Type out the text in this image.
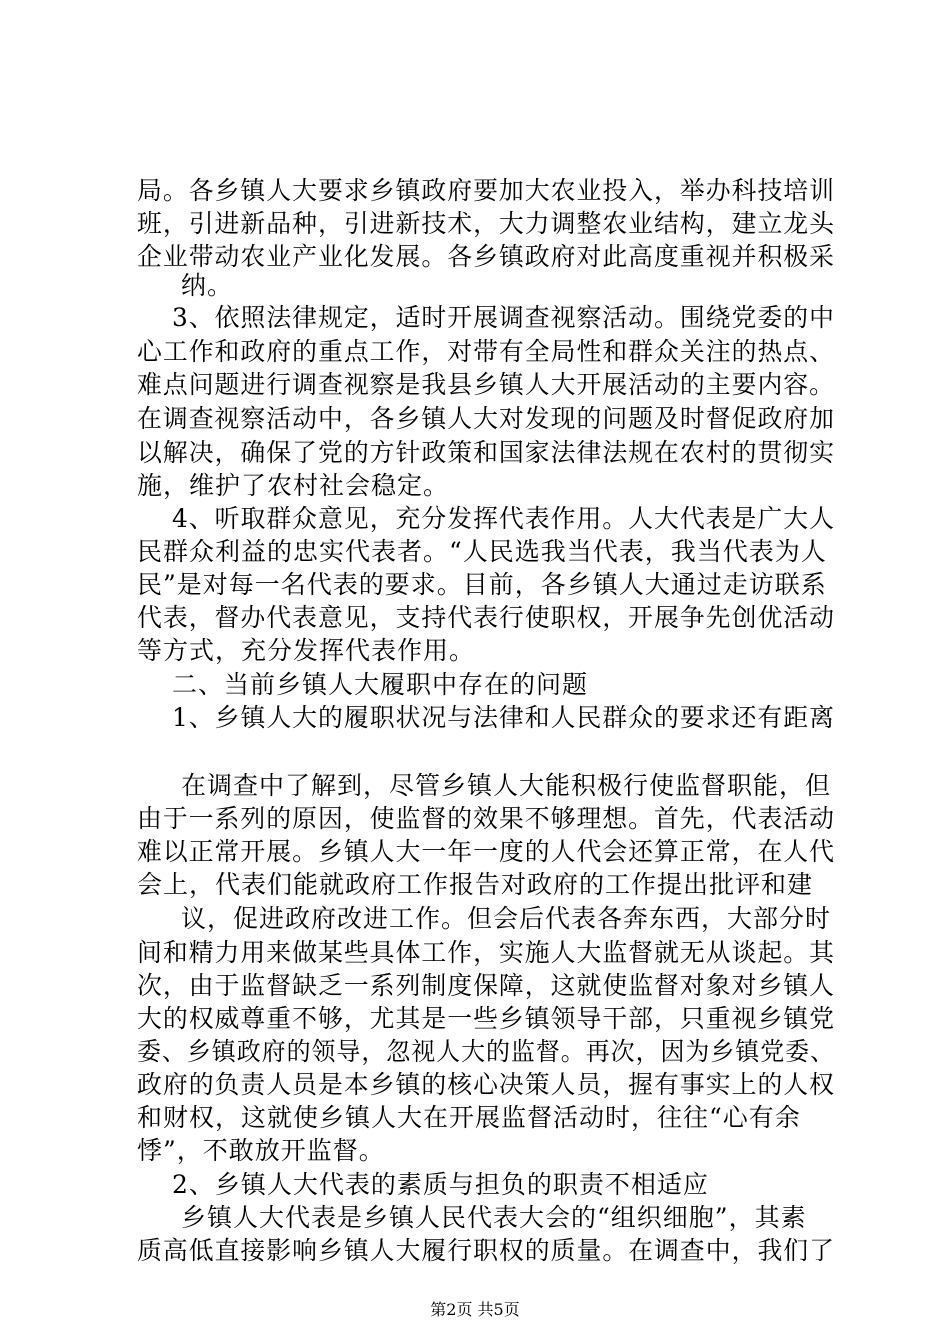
局。各乡镇人大要求乡镇政府要加大农业投入，举办科技培训
班，引进新品种，引进新技术，大力调整农业结构，建立龙头
企业带动农业产业化发展。各乡镇政府对此高度重视并积极采
纳。
3、依照法律规定，适时开展调查视察活动。围绕党委的中
心工作和政府的重点工作，对带有全局性和群众关注的热点、
难点问题进行调查视察是我县乡镇人大开展活动的主要内容。
在调查视察活动中，各乡镇人大对发现的问题及时督促政府加
以解决，确保了党的方针政策和国家法律法规在农村的贯彻实
施，维护了农村社会稳定。
4、听取群众意见，充分发挥代表作用。人大代表是广大人
民群众利益的忠实代表者。“人民选我当代表，我当代表为人
民”是对每一名代表的要求。目前，各乡镇人大通过走访联系
代表，督办代表意见，支持代表行使职权，开展争先创优活动
等方式，充分发挥代表作用。
二、当前乡镇人大履职中存在的问题
1、乡镇人大的履职状况与法律和人民群众的要求还有距离
在调查中了解到，尽管乡镇人大能积极行使监督职能，但
由于一系列的原因，使监督的效果不够理想。首先，代表活动
难以正常开展。乡镇人大一年一度的人代会还算正常，在人代
会上，代表们能就政府工作报告对政府的工作提出批评和建
议，促进政府改进工作。但会后代表各奔东西，大部分时
间和精力用来做某些具体工作，实施人大监督就无从谈起。其
次，由于监督缺乏一系列制度保障，这就使监督对象对乡镇人
大的权威尊重不够，尤其是一些乡镇领导干部，只重视乡镇党
委、乡镇政府的领导，忽视人大的监督。再次，因为乡镇党委、
政府的负责人员是本乡镇的核心决策人员，握有事实上的人权
和财权，这就使乡镇人大在开展监督活动时，往往“心有余
悸”，不敢放开监督。
2、乡镇人大代表的素质与担负的职责不相适应
乡镇人大代表是乡镇人民代表大会的“组织细胞”，其素
质高低直接影响乡镇人大履行职权的质量。在调查中，我们了
第2页 共5页
